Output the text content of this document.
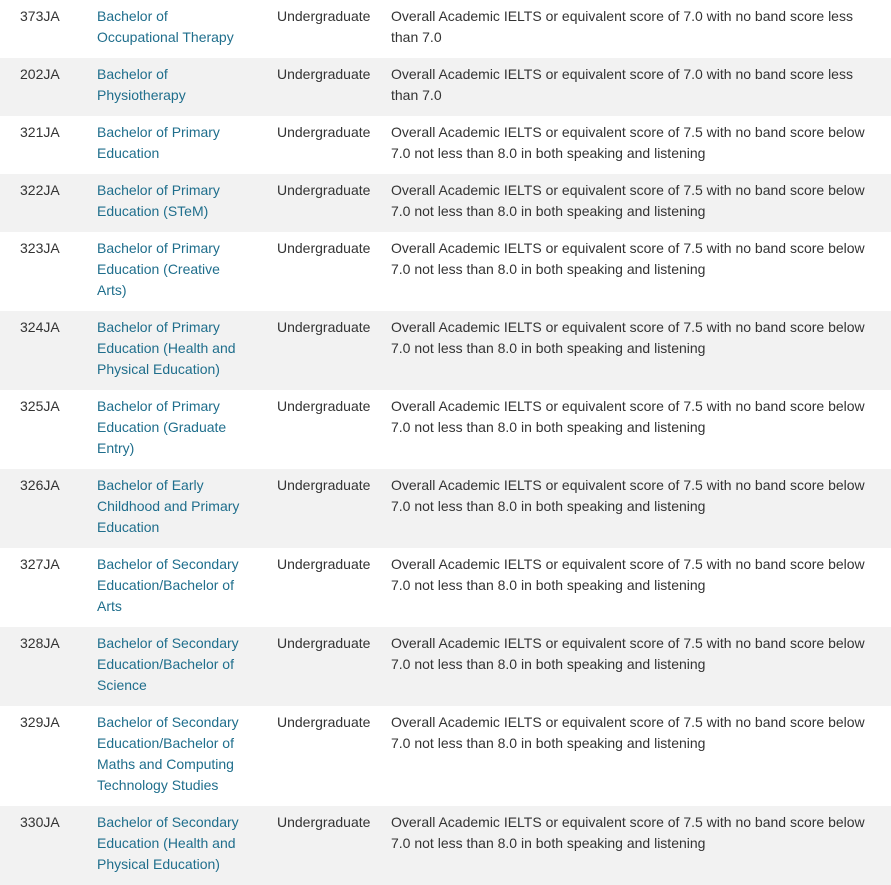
373JA	Bachelor of Occupational Therapy	Undergraduate	Overall Academic IELTS or equivalent score of 7.0 with no band score less than 7.0
202JA	Bachelor of Physiotherapy	Undergraduate	Overall Academic IELTS or equivalent score of 7.0 with no band score less than 7.0
321JA	Bachelor of Primary Education	Undergraduate	Overall Academic IELTS or equivalent score of 7.5 with no band score below 7.0 not less than 8.0 in both speaking and listening
322JA	Bachelor of Primary Education (STeM)	Undergraduate	Overall Academic IELTS or equivalent score of 7.5 with no band score below 7.0 not less than 8.0 in both speaking and listening
323JA	Bachelor of Primary Education (Creative Arts)	Undergraduate	Overall Academic IELTS or equivalent score of 7.5 with no band score below 7.0 not less than 8.0 in both speaking and listening
324JA	Bachelor of Primary Education (Health and Physical Education)	Undergraduate	Overall Academic IELTS or equivalent score of 7.5 with no band score below 7.0 not less than 8.0 in both speaking and listening
325JA	Bachelor of Primary Education (Graduate Entry)	Undergraduate	Overall Academic IELTS or equivalent score of 7.5 with no band score below 7.0 not less than 8.0 in both speaking and listening
326JA	Bachelor of Early Childhood and Primary Education	Undergraduate	Overall Academic IELTS or equivalent score of 7.5 with no band score below 7.0 not less than 8.0 in both speaking and listening
327JA	Bachelor of Secondary Education/Bachelor of Arts	Undergraduate	Overall Academic IELTS or equivalent score of 7.5 with no band score below 7.0 not less than 8.0 in both speaking and listening
328JA	Bachelor of Secondary Education/Bachelor of Science	Undergraduate	Overall Academic IELTS or equivalent score of 7.5 with no band score below 7.0 not less than 8.0 in both speaking and listening
329JA	Bachelor of Secondary Education/Bachelor of Maths and Computing Technology Studies	Undergraduate	Overall Academic IELTS or equivalent score of 7.5 with no band score below 7.0 not less than 8.0 in both speaking and listening
330JA	Bachelor of Secondary Education (Health and Physical Education)	Undergraduate	Overall Academic IELTS or equivalent score of 7.5 with no band score below 7.0 not less than 8.0 in both speaking and listening
